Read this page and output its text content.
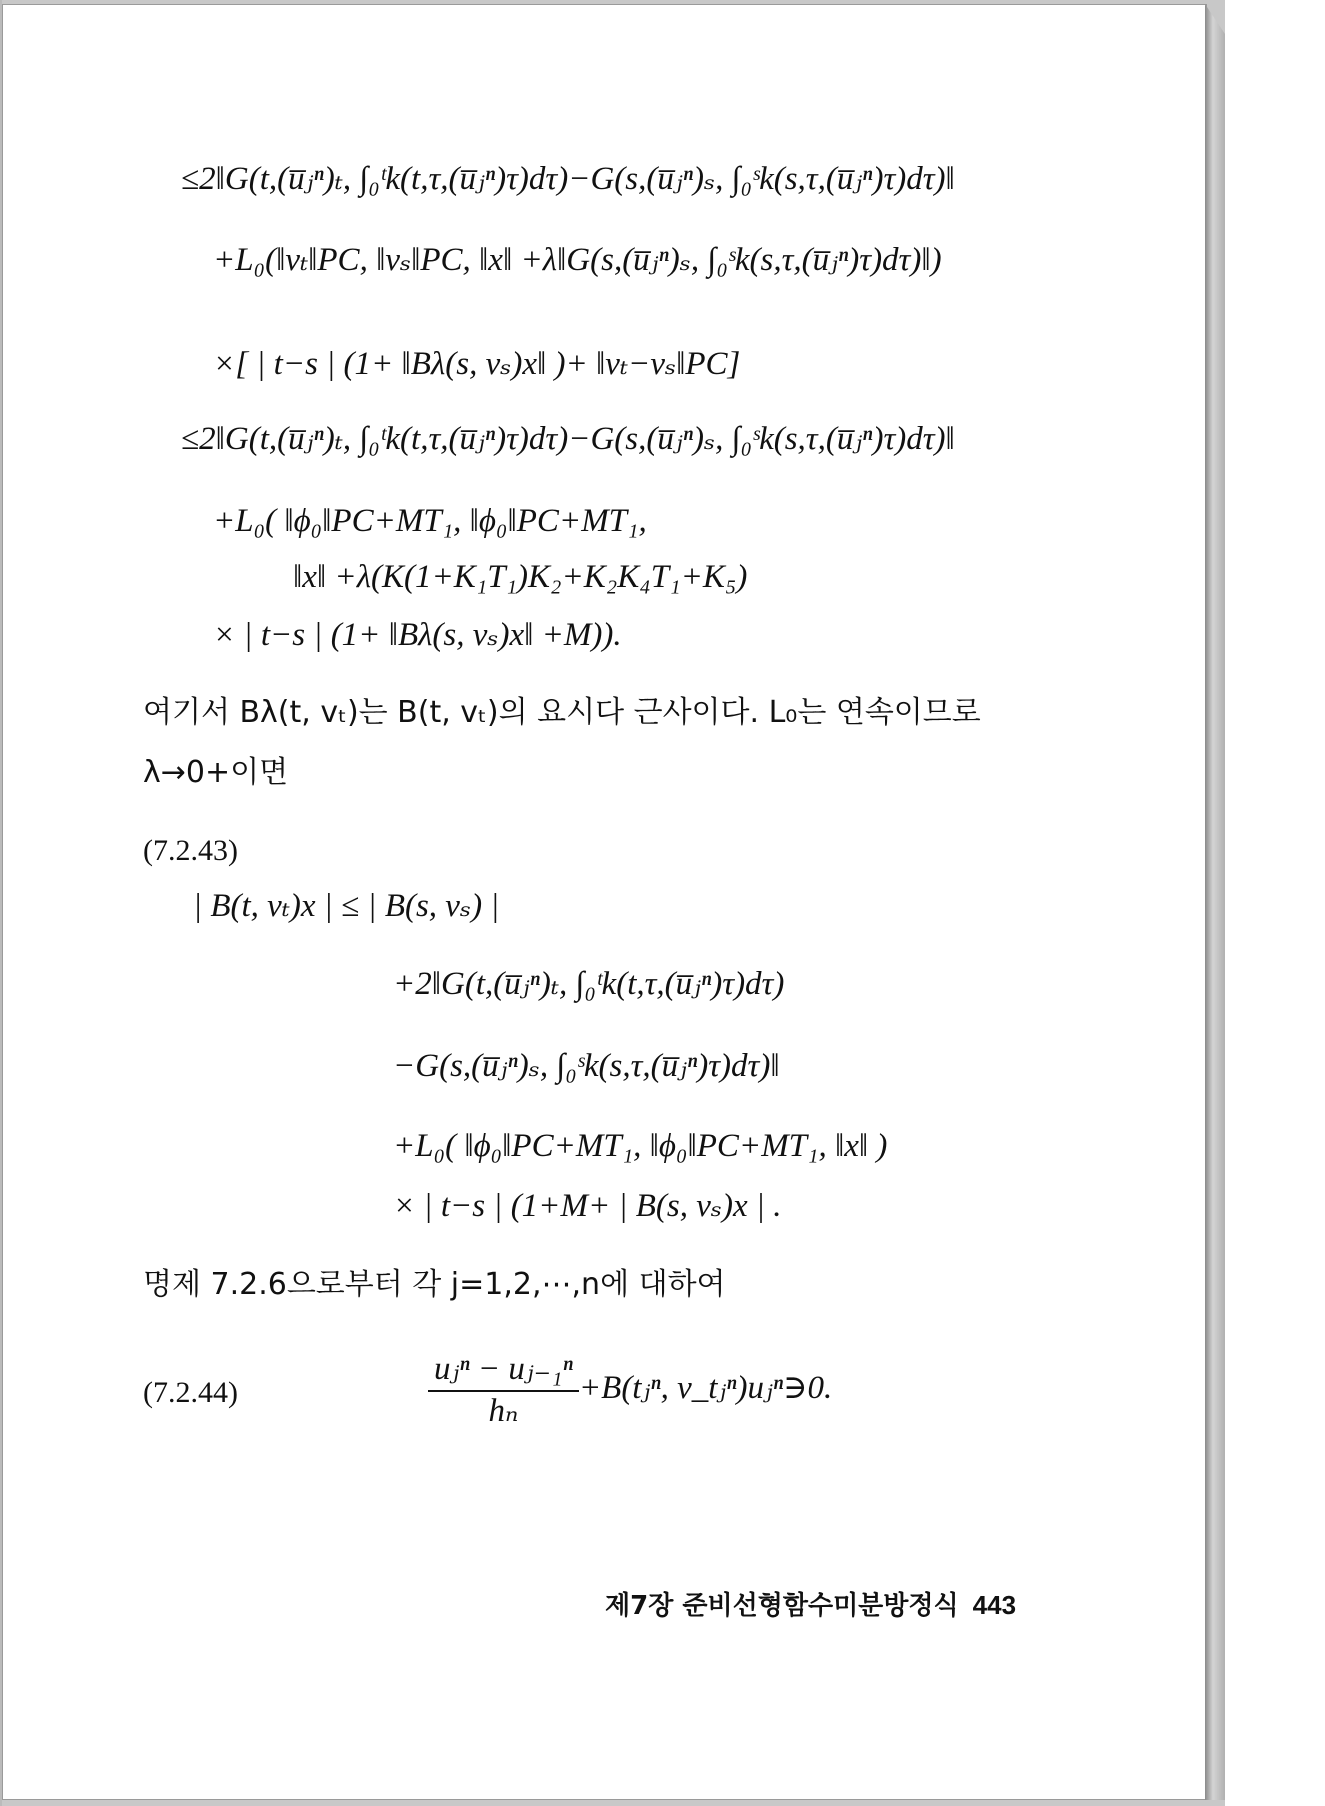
≤2‖G(t,(u̅ⱼⁿ)ₜ, ∫₀ᵗk(t,τ,(u̅ⱼⁿ)τ)dτ)−G(s,(u̅ⱼⁿ)ₛ, ∫₀ˢk(s,τ,(u̅ⱼⁿ)τ)dτ)‖
+L₀(‖vₜ‖PC, ‖vₛ‖PC, ‖x‖ +λ‖G(s,(u̅ⱼⁿ)ₛ, ∫₀ˢk(s,τ,(u̅ⱼⁿ)τ)dτ)‖)
×[ | t−s | (1+ ‖Bλ(s, vₛ)x‖ )+ ‖vₜ−vₛ‖PC]
≤2‖G(t,(u̅ⱼⁿ)ₜ, ∫₀ᵗk(t,τ,(u̅ⱼⁿ)τ)dτ)−G(s,(u̅ⱼⁿ)ₛ, ∫₀ˢk(s,τ,(u̅ⱼⁿ)τ)dτ)‖
+L₀( ‖ϕ₀‖PC+MT₁, ‖ϕ₀‖PC+MT₁,
‖x‖ +λ(K(1+K₁T₁)K₂+K₂K₄T₁+K₅)
× | t−s | (1+ ‖Bλ(s, vₛ)x‖ +M)).
여기서 Bλ(t, vₜ)는 B(t, vₜ)의 요시다 근사이다. L₀는 연속이므로
λ→0+이면
(7.2.43)
| B(t, vₜ)x | ≤ | B(s, vₛ) |
+2‖G(t,(u̅ⱼⁿ)ₜ, ∫₀ᵗk(t,τ,(u̅ⱼⁿ)τ)dτ)
−G(s,(u̅ⱼⁿ)ₛ, ∫₀ˢk(s,τ,(u̅ⱼⁿ)τ)dτ)‖
+L₀( ‖ϕ₀‖PC+MT₁, ‖ϕ₀‖PC+MT₁, ‖x‖ )
× | t−s | (1+M+ | B(s, vₛ)x | .
명제 7.2.6으로부터 각 j=1,2,⋯,n에 대하여
(7.2.44)	$\frac{\text{uⱼⁿ − uⱼ₋₁ⁿ}}{\text{hₙ}}$ +B(tⱼⁿ, v_tⱼⁿ)uⱼⁿ∋0.
제7장 준비선형함수미분방정식 443
